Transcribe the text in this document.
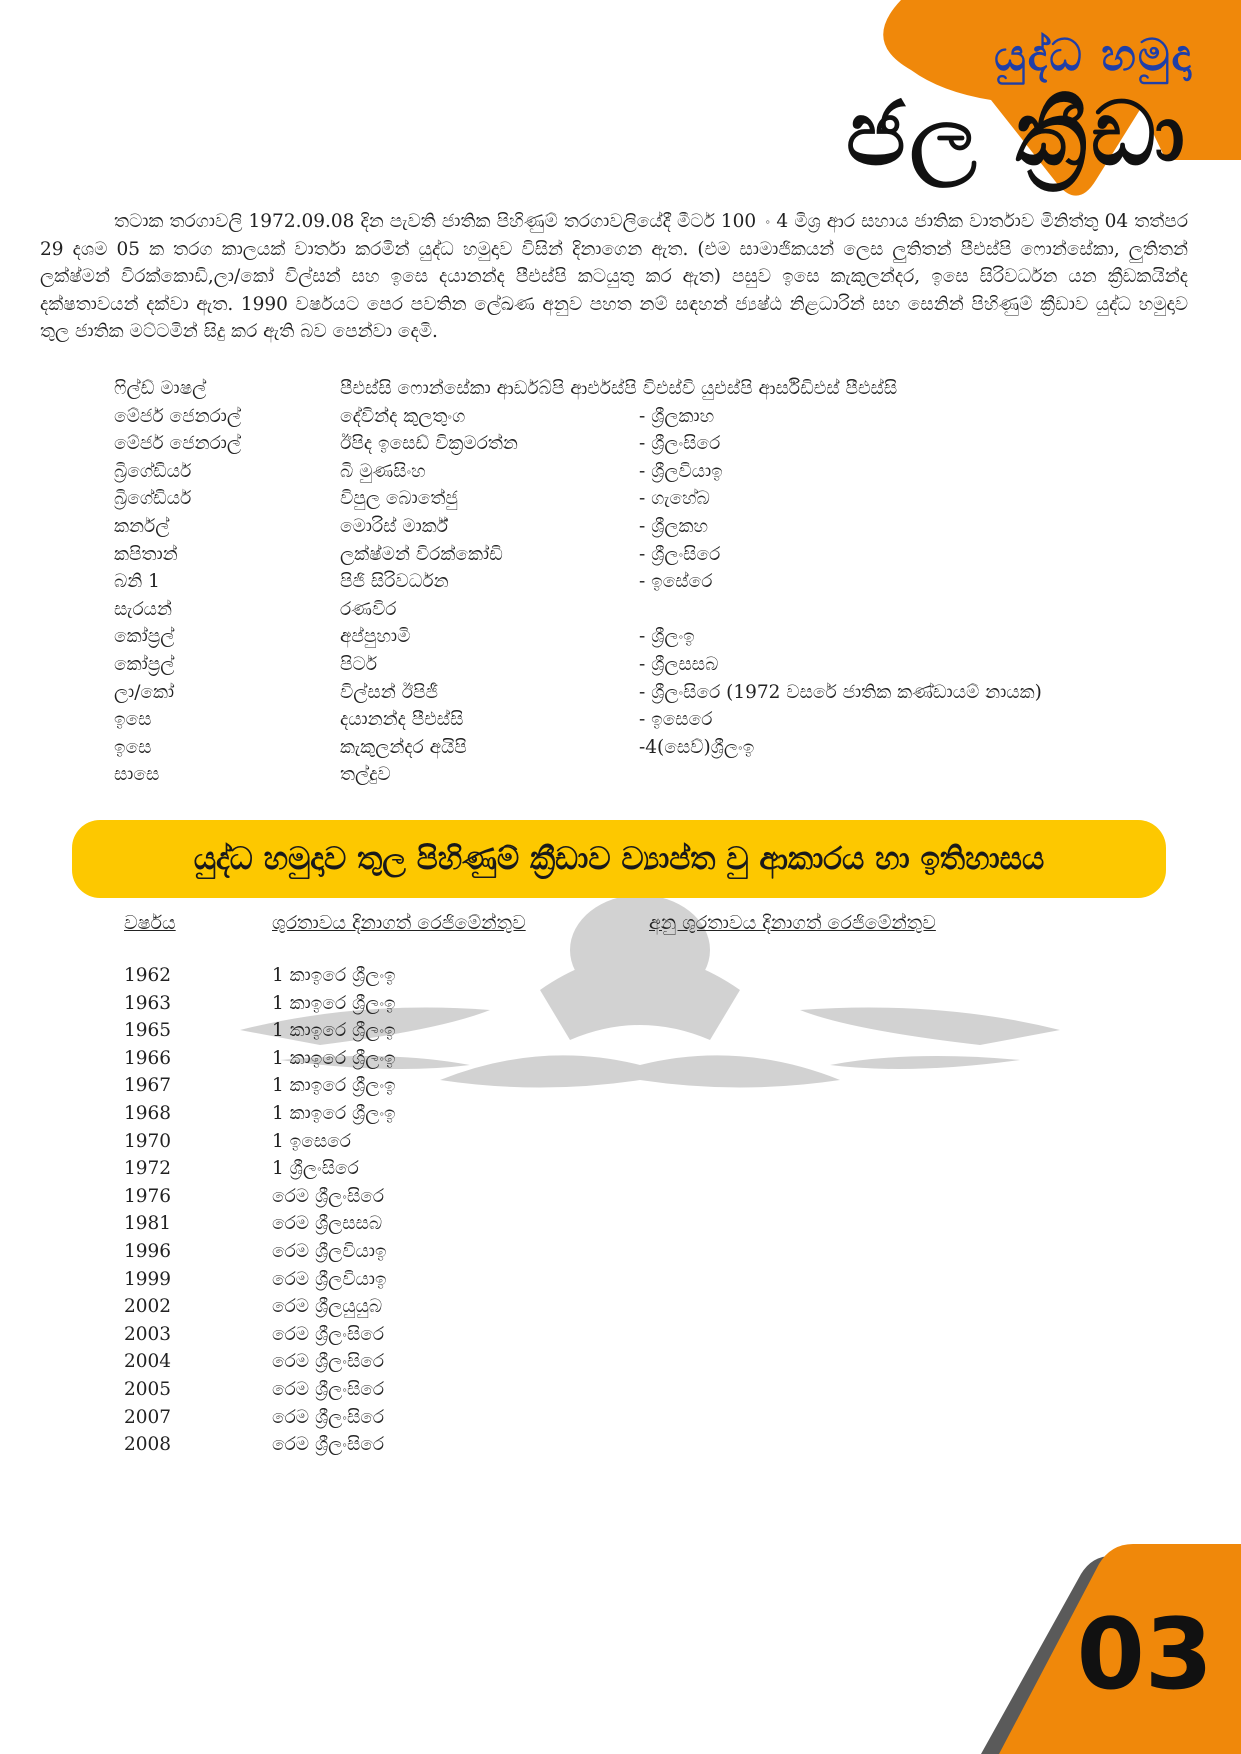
යුද්ධ හමුදා
ජල ක්‍රීඩා

තටාක තරගාවලි 1972.09.08 දින පැවති ජාතික පිහිණුම් තරගාවලියේදී මීටර් 100 ං 4 මිශ්‍ර ආර සහාය ජාතික වාර්තාව මිනිත්තු 04 තත්පර 29 දශම 05 ක තරග කාලයක් වාර්තා කරමින් යුද්ධ හමුදාව විසින් දිනාගෙන ඇත. (එම සාමාජිකයන් ලෙස ලුතිතන් පීඑස්පි ෆොන්සේකා, ලුතිතන් ලක්ෂ්මන් විරක්කොඩි,ලා/කෝ විල්සන් සහ ඉසෙ දයානන්ද පීඑස්පි කටයුතු කර ඇත) පසුව ඉසෙ කැකුලන්දර, ඉසෙ සිරිවර්ධන යන ක්‍රීඩකයින්ද දක්ෂතාවයන් දක්වා ඇත. 1990 වර්ෂයට පෙර පවතින ලේඛණ අනුව පහත නම් සඳහන් ජ්‍යෂ්ඨ නිළධාරින් සහ සෙනින් පිහිණුම් ක්‍රීඩාව යුද්ධ හමුදාව තුල ජාතික මට්ටමින් සිදු කර ඇති බව පෙන්වා දෙමි.

ෆිල්ඩ් මාෂල්	පීඑස්සි ෆොන්සේකා ආර්ඩබ්පි ආර්එස්පි විඑස්වි යුඑස්පි ආර්සිඩිඑස් පීඑස්සි
මේජර් ජෙනරාල්	දේවින්ද කුලතුංග	- ශ්‍රීලකාහ
මේජර් ජෙනරාල්	ඊපිද ඉසෙඩ් වික්‍රමරත්න	- ශ්‍රීලංසිරෙ
බ්‍රිගේඩියර්	බි මුණසිංහ	- ශ්‍රීලවියාඉ
බ්‍රිගේඩියර්	විපුල බොතේජු	- ගැහේබ
කර්නල්	මොරිස් මාර්ක්	- ශ්‍රීලකහ
කපිතාන්	ලක්ෂ්මන් විරක්කෝඩි	- ශ්‍රීලංසිරෙ
බනි 1	පිජි සිරිවර්ධන	- ඉසේරෙ
සැරයන්	රණවිර
කෝප්‍රල්	අප්පුහාමි	- ශ්‍රීලංඉ
කෝප්‍රල්	පිටර්	- ශ්‍රීලසසබ
ලා/කෝ	විල්සන් ඊපිජී	- ශ්‍රීලංසිරෙ (1972 වසරේ ජාතික කණ්ඩායම් නායක)
ඉසෙ	දයානන්ද පීඑස්සි	- ඉසෙරෙ
ඉසෙ	කැකුලන්දර අයිපි	-4(සෙව්)ශ්‍රීලංඉ
සාසෙ	තල්දුව
යුද්ධ හමුදාව තුල පිහිණුම් ක්‍රීඩාව ව්‍යාප්ත වු ආකාරය හා ඉතිහාසය
වර්ෂය	ශුරතාවය දිනාගත් රෙජිමේන්තුව	අනු ශුරතාවය දිනාගත් රෙජිමේන්තුව
1962	1 කාඉරෙ ශ්‍රීලංඉ
1963	1 කාඉරෙ ශ්‍රීලංඉ
1965	1 කාඉරෙ ශ්‍රීලංඉ
1966	1 කාඉරෙ ශ්‍රීලංඉ
1967	1 කාඉරෙ ශ්‍රීලංඉ
1968	1 කාඉරෙ ශ්‍රීලංඉ
1970	1 ඉසෙරෙ
1972	1 ශ්‍රීලංසිරෙ
1976	රෙම ශ්‍රීලංසිරෙ
1981	රෙම ශ්‍රීලසසබ
1996	රෙම ශ්‍රීලවියාඉ
1999	රෙම ශ්‍රීලවියාඉ
2002	රෙම ශ්‍රීලයුයුබ
2003	රෙම ශ්‍රීලංසිරෙ
2004	රෙම ශ්‍රීලංසිරෙ
2005	රෙම ශ්‍රීලංසිරෙ
2007	රෙම ශ්‍රීලංසිරෙ
2008	රෙම ශ්‍රීලංසිරෙ
03
